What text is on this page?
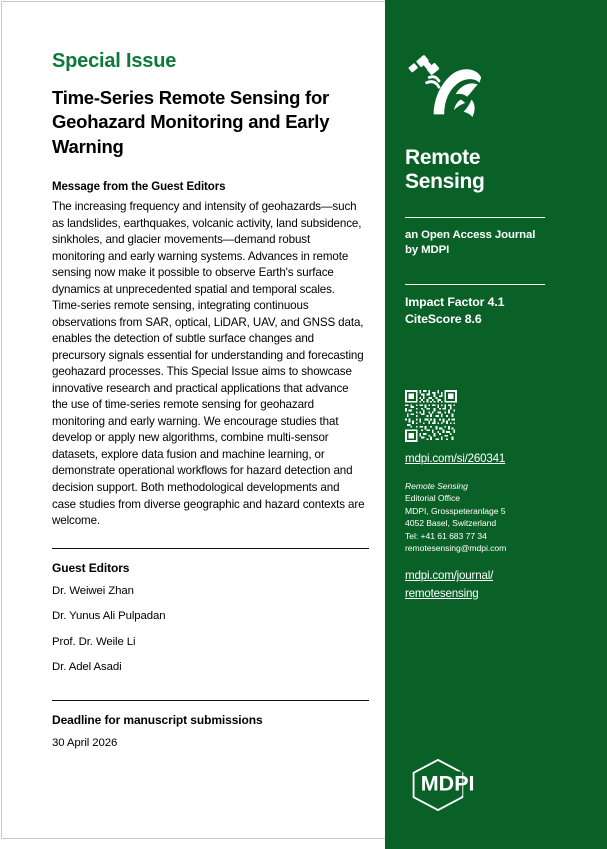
Special Issue
Time-Series Remote Sensing for Geohazard Monitoring and Early Warning
Message from the Guest Editors

The increasing frequency and intensity of geohazards—such as landslides, earthquakes, volcanic activity, land subsidence, sinkholes, and glacier movements—demand robust monitoring and early warning systems. Advances in remote sensing now make it possible to observe Earth's surface dynamics at unprecedented spatial and temporal scales. Time-series remote sensing, integrating continuous observations from SAR, optical, LiDAR, UAV, and GNSS data, enables the detection of subtle surface changes and precursory signals essential for understanding and forecasting geohazard processes. This Special Issue aims to showcase innovative research and practical applications that advance the use of time-series remote sensing for geohazard monitoring and early warning. We encourage studies that develop or apply new algorithms, combine multi-sensor datasets, explore data fusion and machine learning, or demonstrate operational workflows for hazard detection and decision support. Both methodological developments and case studies from diverse geographic and hazard contexts are welcome.

Guest Editors
Dr. Weiwei Zhan
Dr. Yunus Ali Pulpadan
Prof. Dr. Weile Li
Dr. Adel Asadi
Deadline for manuscript submissions
30 April 2026
Remote
Sensing
an Open Access Journal
by MDPI
Impact Factor 4.1
CiteScore 8.6
mdpi.com/si/260341
Remote Sensing
Editorial Office
MDPI, Grosspeteranlage 5
4052 Basel, Switzerland
Tel: +41 61 683 77 34
remotesensing@mdpi.com
mdpi.com/journal/
remotesensing
MDPI
